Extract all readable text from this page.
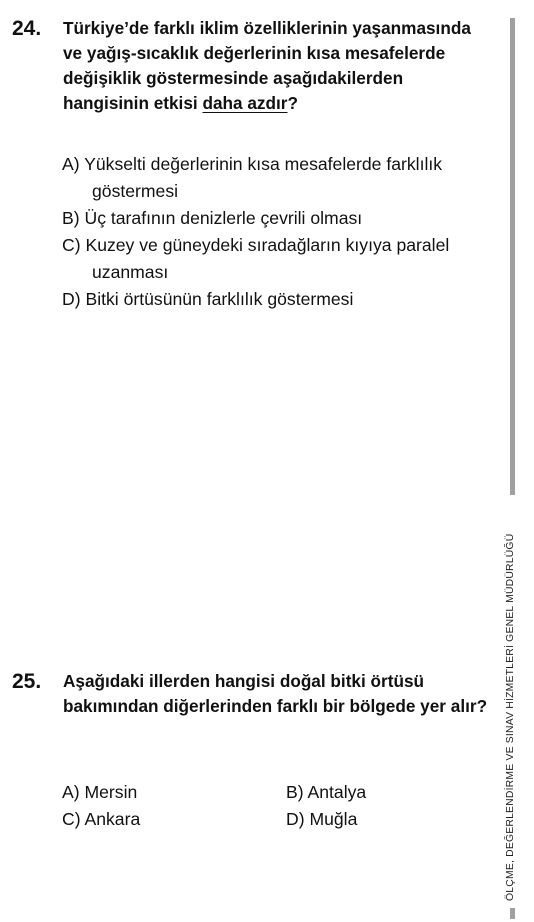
24. Türkiye’de farklı iklim özelliklerinin yaşanmasında ve yağış-sıcaklık değerlerinin kısa mesafelerde değişiklik göstermesinde aşağıdakilerden hangisinin etkisi daha azdır?
A) Yükselti değerlerinin kısa mesafelerde farklılık göstermesi
B) Üç tarafının denizlerle çevrili olması
C) Kuzey ve güneydeki sıradağların kıyıya paralel uzanması
D) Bitki örtüsünün farklılık göstermesi
25. Aşağıdaki illerden hangisi doğal bitki örtüsü bakımından diğerlerinden farklı bir bölgede yer alır?
A) Mersin	B) Antalya
C) Ankara	D) Muğla	ÖLÇME, DEĞERLENDİRME VE SINAV HİZMETLERİ GENEL MÜDÜRLÜĞÜ
